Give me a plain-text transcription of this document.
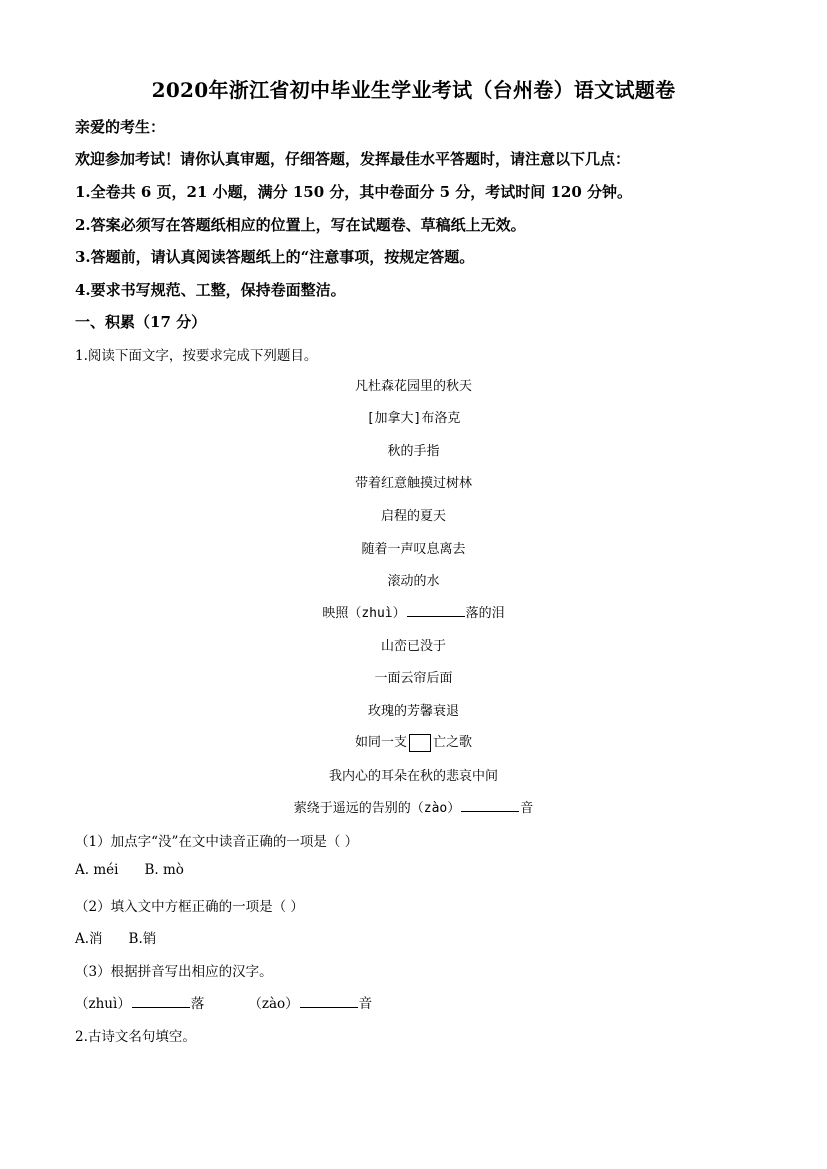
2020年浙江省初中毕业生学业考试（台州卷）语文试题卷
亲爱的考生：
欢迎参加考试！请你认真审题，仔细答题，发挥最佳水平答题时，请注意以下几点：
1.全卷共 6 页，21 小题，满分 150 分，其中卷面分 5 分，考试时间 120 分钟。
2.答案必须写在答题纸相应的位置上，写在试题卷、草稿纸上无效。
3.答题前，请认真阅读答题纸上的“注意事项，按规定答题。
4.要求书写规范、工整，保持卷面整洁。
一、积累（17 分）
1.阅读下面文字，按要求完成下列题目。
凡杜森花园里的秋天
[加拿大]布洛克
秋的手指
带着红意触摸过树林
启程的夏天
随着一声叹息离去
滚动的水
映照（zhuì）	落的泪
山峦已没于
一面云帘后面
玫瑰的芳馨衰退
如同一支 亡之歌
我内心的耳朵在秋的悲哀中间
萦绕于遥远的告别的（zào）	音
（1）加点字“没”在文中读音正确的一项是（ ）
A. méi B. mò
（2）填入文中方框正确的一项是（ ）
A.消 B.销
（3）根据拼音写出相应的汉字。
（zhuì）	落	（zào）	音
2.古诗文名句填空。
